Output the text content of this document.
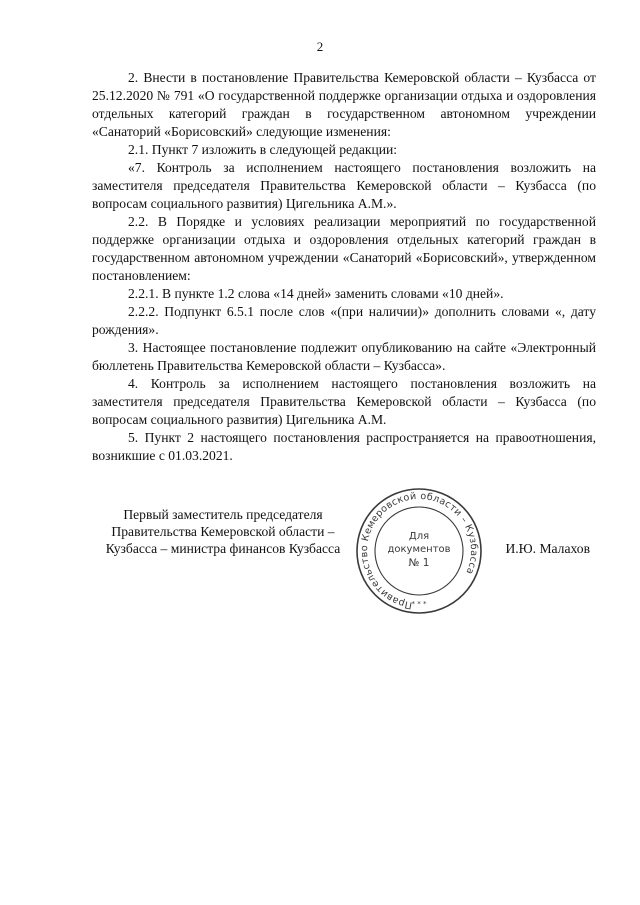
2

2. Внести в постановление Правительства Кемеровской области – Кузбасса от 25.12.2020 № 791 «О государственной поддержке организации отдыха и оздоровления отдельных категорий граждан в государственном автономном учреждении «Санаторий «Борисовский» следующие изменения:

2.1. Пункт 7 изложить в следующей редакции:

«7. Контроль за исполнением настоящего постановления возложить на заместителя председателя Правительства Кемеровской области – Кузбасса (по вопросам социального развития) Цигельника А.М.».

2.2. В Порядке и условиях реализации мероприятий по государственной поддержке организации отдыха и оздоровления отдельных категорий граждан в государственном автономном учреждении «Санаторий «Борисовский», утвержденном постановлением:

2.2.1. В пункте 1.2 слова «14 дней» заменить словами «10 дней».

2.2.2. Подпункт 6.5.1 после слов «(при наличии)» дополнить словами «, дату рождения».

3. Настоящее постановление подлежит опубликованию на сайте «Электронный бюллетень Правительства Кемеровской области – Кузбасса».

4. Контроль за исполнением настоящего постановления возложить на заместителя председателя Правительства Кемеровской области – Кузбасса (по вопросам социального развития) Цигельника А.М.

5. Пункт 2 настоящего постановления распространяется на правоотношения, возникшие с 01.03.2021.

Первый заместитель председателя
Правительства Кемеровской области –
Кузбасса – министра финансов Кузбасса
Правительство Кемеровской области – Кузбасса
* * *
Для
документов
№ 1
И.Ю. Малахов
